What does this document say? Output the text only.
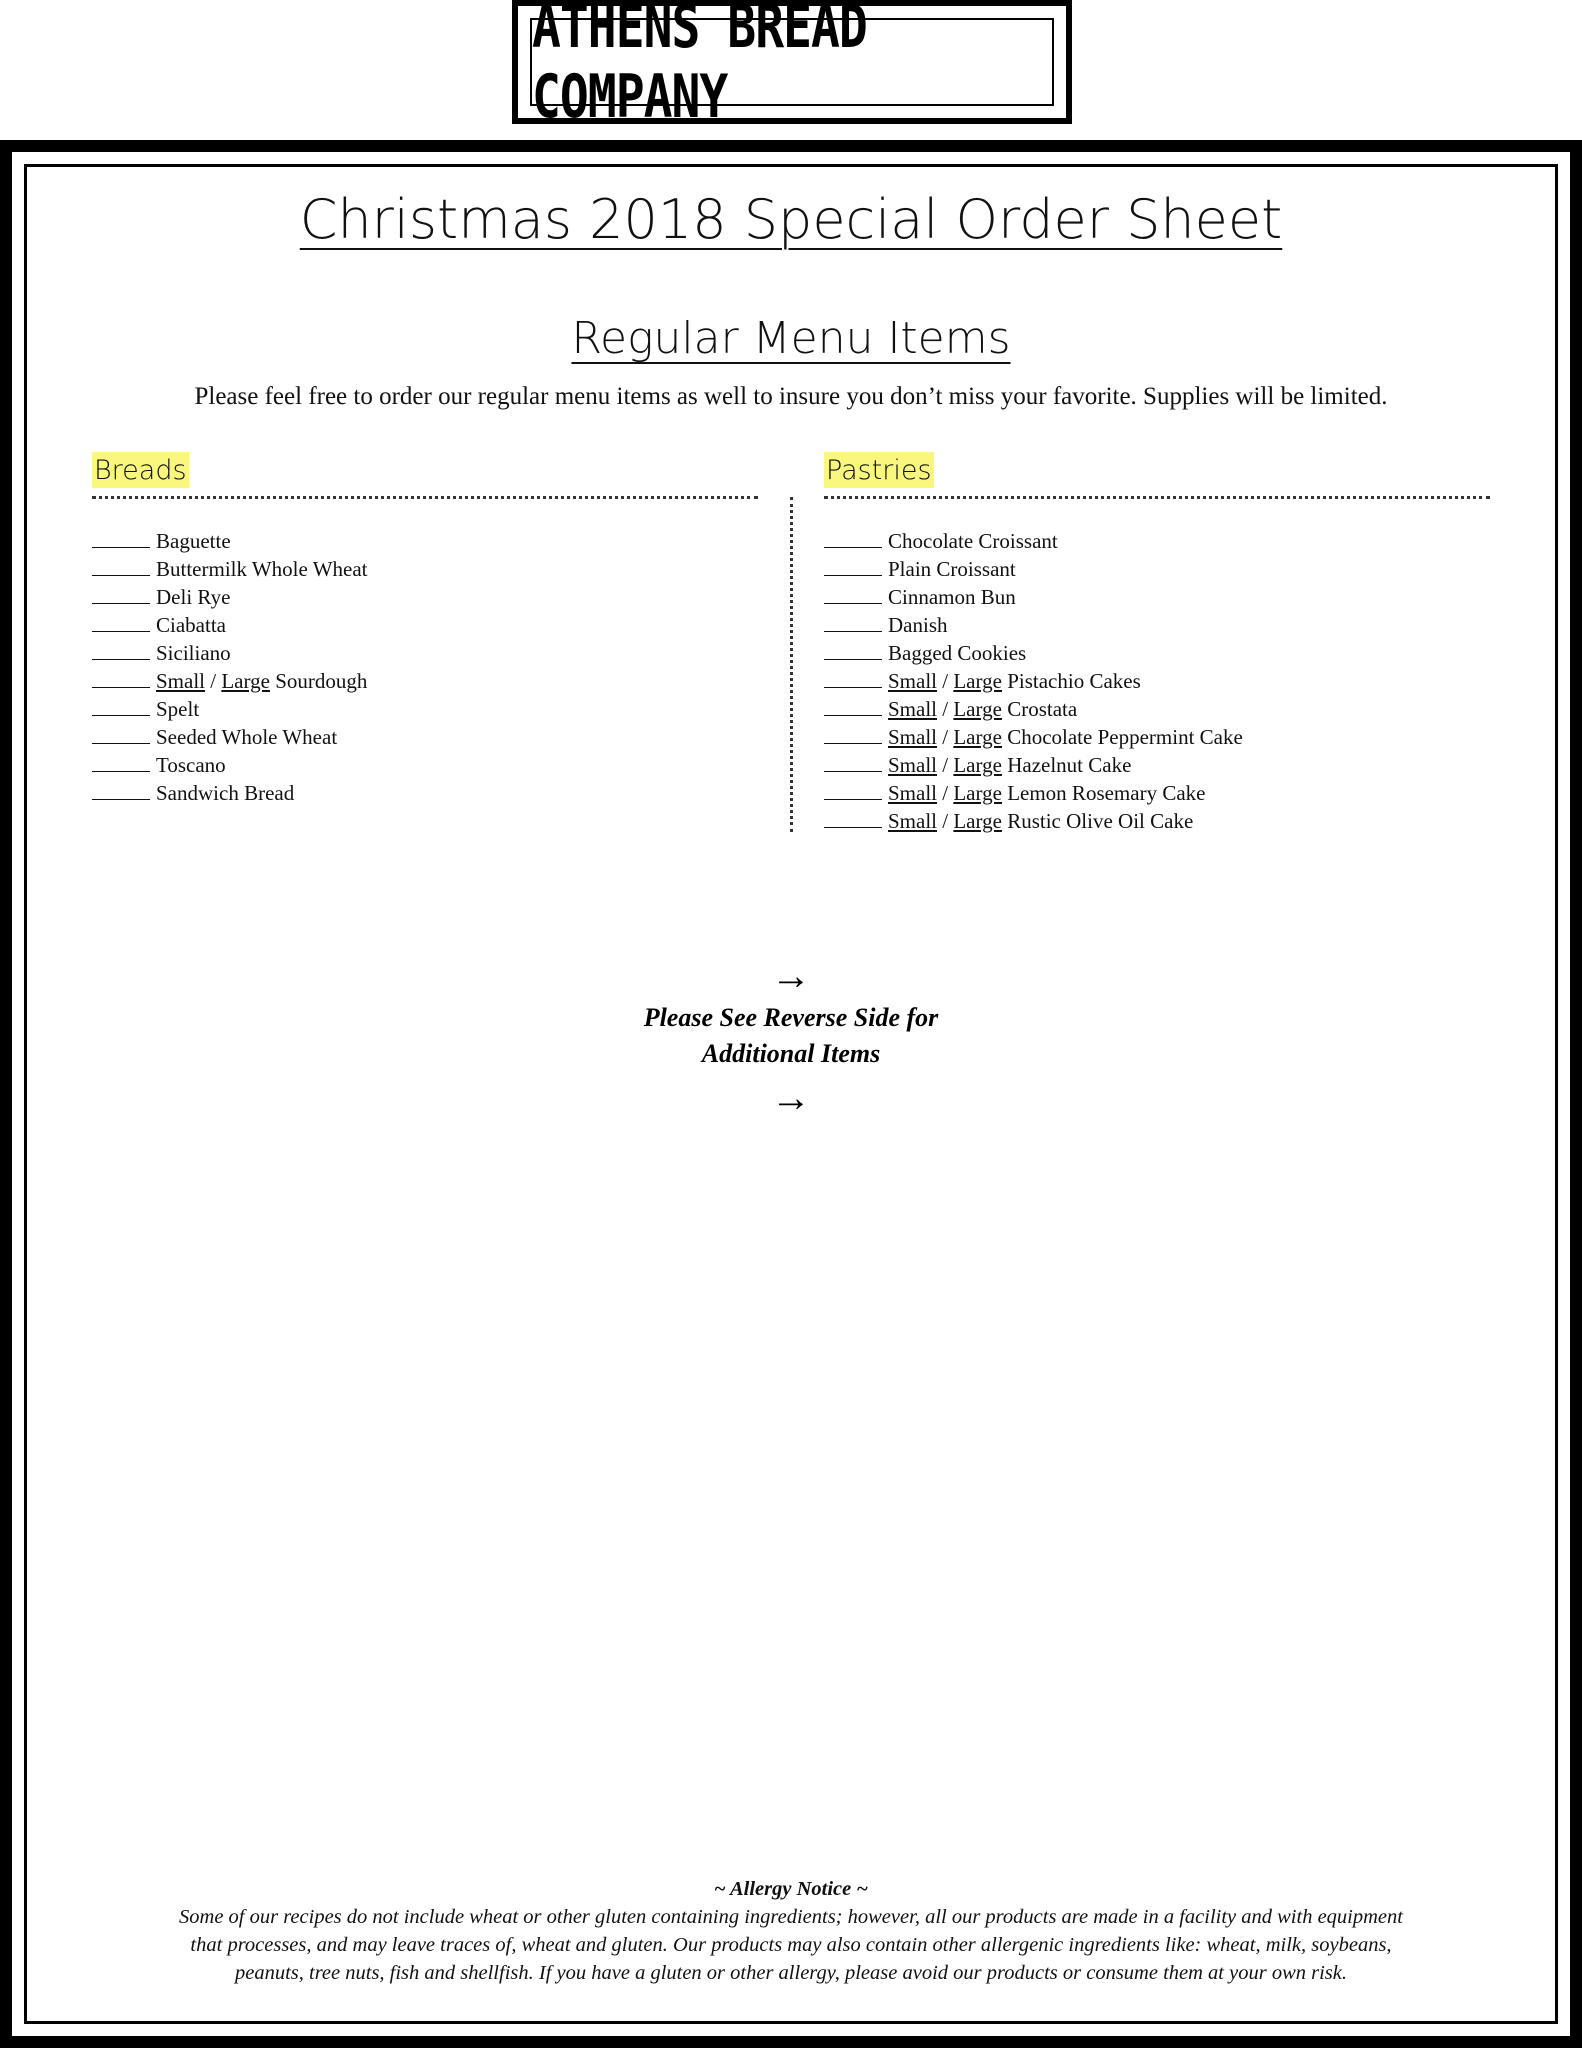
ATHENS BREAD COMPANY
Christmas 2018 Special Order Sheet
Regular Menu Items
Please feel free to order our regular menu items as well to insure you don’t miss your favorite. Supplies will be limited.
Breads
Baguette
Buttermilk Whole Wheat
Deli Rye
Ciabatta
Siciliano
Small / Large Sourdough
Spelt
Seeded Whole Wheat
Toscano
Sandwich Bread
Pastries
Chocolate Croissant
Plain Croissant
Cinnamon Bun
Danish
Bagged Cookies
Small / Large Pistachio Cakes
Small / Large Crostata
Small / Large Chocolate Peppermint Cake
Small / Large Hazelnut Cake
Small / Large Lemon Rosemary Cake
Small / Large Rustic Olive Oil Cake
→
Please See Reverse Side for
Additional Items
→
~ Allergy Notice ~
Some of our recipes do not include wheat or other gluten containing ingredients; however, all our products are made in a facility and with equipment
that processes, and may leave traces of, wheat and gluten. Our products may also contain other allergenic ingredients like: wheat, milk, soybeans,
peanuts, tree nuts, fish and shellfish. If you have a gluten or other allergy, please avoid our products or consume them at your own risk.
